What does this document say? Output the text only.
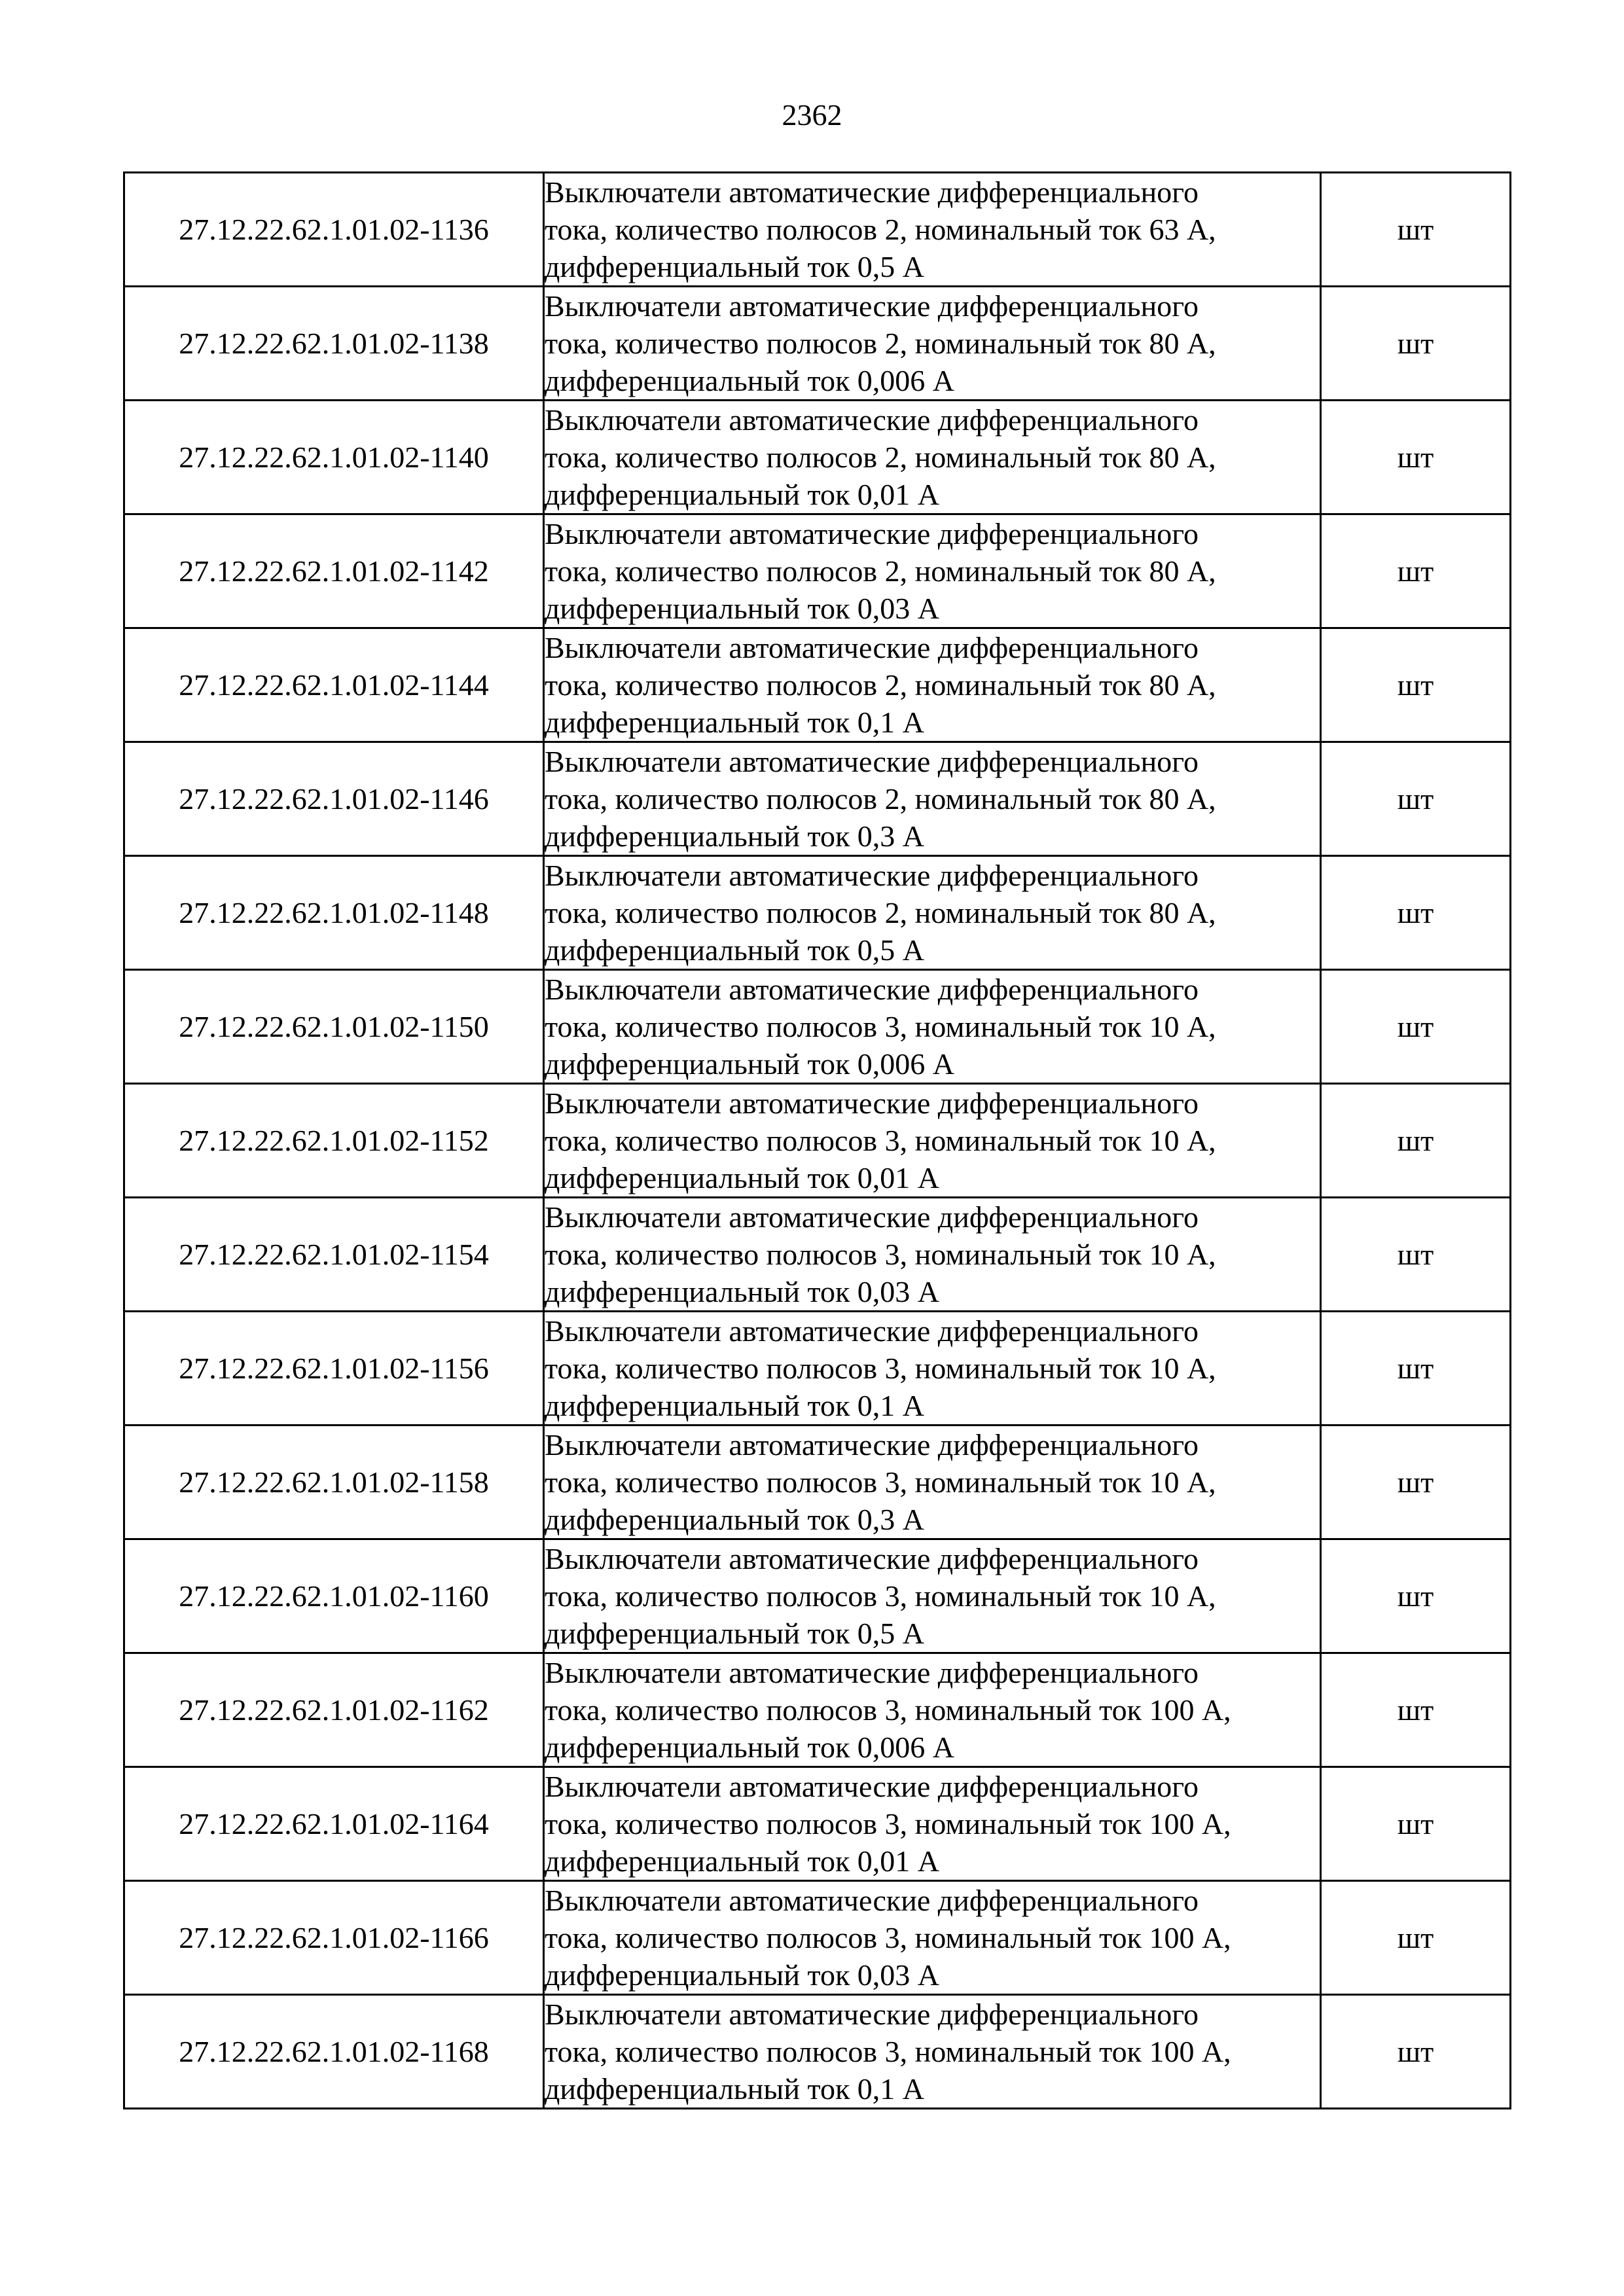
2362
27.12.22.62.1.01.02-1136	Выключатели автоматические дифференциального
тока, количество полюсов 2, номинальный ток 63 А,
дифференциальный ток 0,5 А	шт
27.12.22.62.1.01.02-1138	Выключатели автоматические дифференциального
тока, количество полюсов 2, номинальный ток 80 А,
дифференциальный ток 0,006 А	шт
27.12.22.62.1.01.02-1140	Выключатели автоматические дифференциального
тока, количество полюсов 2, номинальный ток 80 А,
дифференциальный ток 0,01 А	шт
27.12.22.62.1.01.02-1142	Выключатели автоматические дифференциального
тока, количество полюсов 2, номинальный ток 80 А,
дифференциальный ток 0,03 А	шт
27.12.22.62.1.01.02-1144	Выключатели автоматические дифференциального
тока, количество полюсов 2, номинальный ток 80 А,
дифференциальный ток 0,1 А	шт
27.12.22.62.1.01.02-1146	Выключатели автоматические дифференциального
тока, количество полюсов 2, номинальный ток 80 А,
дифференциальный ток 0,3 А	шт
27.12.22.62.1.01.02-1148	Выключатели автоматические дифференциального
тока, количество полюсов 2, номинальный ток 80 А,
дифференциальный ток 0,5 А	шт
27.12.22.62.1.01.02-1150	Выключатели автоматические дифференциального
тока, количество полюсов 3, номинальный ток 10 А,
дифференциальный ток 0,006 А	шт
27.12.22.62.1.01.02-1152	Выключатели автоматические дифференциального
тока, количество полюсов 3, номинальный ток 10 А,
дифференциальный ток 0,01 А	шт
27.12.22.62.1.01.02-1154	Выключатели автоматические дифференциального
тока, количество полюсов 3, номинальный ток 10 А,
дифференциальный ток 0,03 А	шт
27.12.22.62.1.01.02-1156	Выключатели автоматические дифференциального
тока, количество полюсов 3, номинальный ток 10 А,
дифференциальный ток 0,1 А	шт
27.12.22.62.1.01.02-1158	Выключатели автоматические дифференциального
тока, количество полюсов 3, номинальный ток 10 А,
дифференциальный ток 0,3 А	шт
27.12.22.62.1.01.02-1160	Выключатели автоматические дифференциального
тока, количество полюсов 3, номинальный ток 10 А,
дифференциальный ток 0,5 А	шт
27.12.22.62.1.01.02-1162	Выключатели автоматические дифференциального
тока, количество полюсов 3, номинальный ток 100 А,
дифференциальный ток 0,006 А	шт
27.12.22.62.1.01.02-1164	Выключатели автоматические дифференциального
тока, количество полюсов 3, номинальный ток 100 А,
дифференциальный ток 0,01 А	шт
27.12.22.62.1.01.02-1166	Выключатели автоматические дифференциального
тока, количество полюсов 3, номинальный ток 100 А,
дифференциальный ток 0,03 А	шт
27.12.22.62.1.01.02-1168	Выключатели автоматические дифференциального
тока, количество полюсов 3, номинальный ток 100 А,
дифференциальный ток 0,1 А	шт
